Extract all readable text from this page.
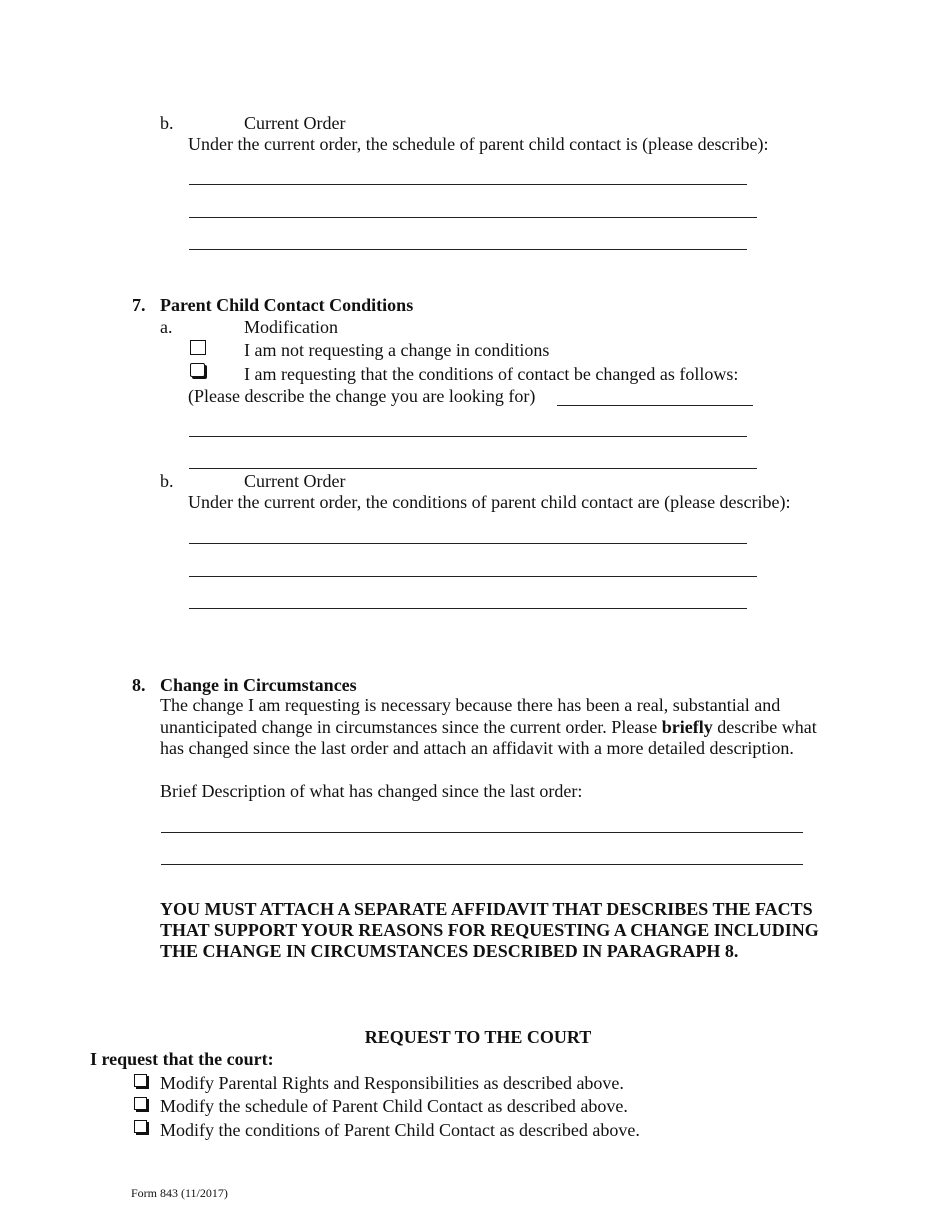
b.	Current Order
Under the current order, the schedule of parent child contact is (please describe):
7. Parent Child Contact Conditions
a.	Modification
I am not requesting a change in conditions
I am requesting that the conditions of contact be changed as follows:
(Please describe the change you are looking for)
b.	Current Order
Under the current order, the conditions of parent child contact are (please describe):
8. Change in Circumstances
The change I am requesting is necessary because there has been a real, substantial and unanticipated change in circumstances since the current order. Please briefly describe what has changed since the last order and attach an affidavit with a more detailed description.
Brief Description of what has changed since the last order:
YOU MUST ATTACH A SEPARATE AFFIDAVIT THAT DESCRIBES THE FACTS THAT SUPPORT YOUR REASONS FOR REQUESTING A CHANGE INCLUDING THE CHANGE IN CIRCUMSTANCES DESCRIBED IN PARAGRAPH 8.
REQUEST TO THE COURT
I request that the court:
Modify Parental Rights and Responsibilities as described above.
Modify the schedule of Parent Child Contact as described above.
Modify the conditions of Parent Child Contact as described above.
Form 843 (11/2017)
